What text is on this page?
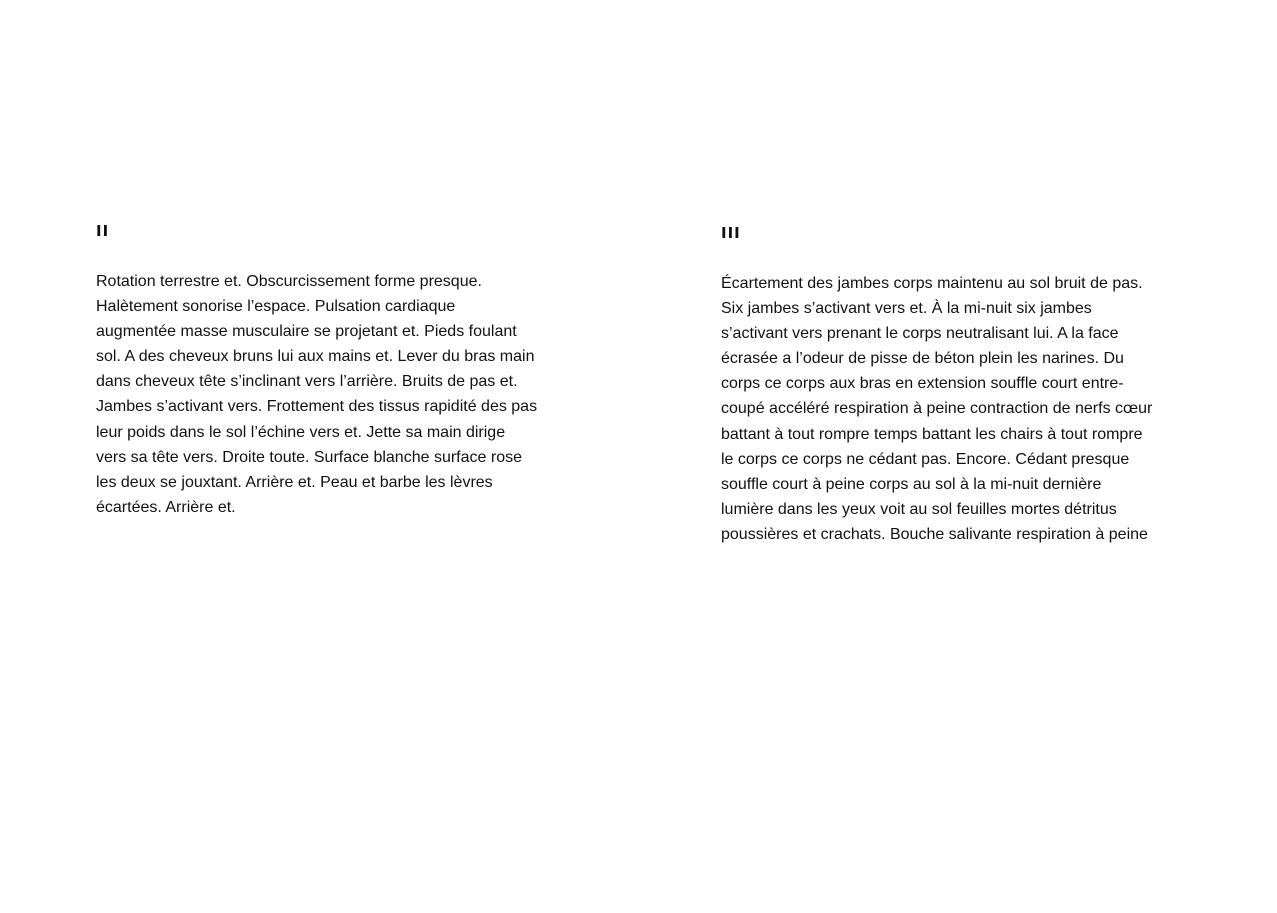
II

Rotation terrestre et. Obscurcissement forme presque.
Halètement sonorise l’espace. Pulsation cardiaque
augmentée masse musculaire se projetant et. Pieds foulant
sol. A des cheveux bruns lui aux mains et. Lever du bras main
dans cheveux tête s’inclinant vers l’arrière. Bruits de pas et.
Jambes s’activant vers. Frottement des tissus rapidité des pas
leur poids dans le sol l’échine vers et. Jette sa main dirige
vers sa tête vers. Droite toute. Surface blanche surface rose
les deux se jouxtant. Arrière et. Peau et barbe les lèvres
écartées. Arrière et.

III

Écartement des jambes corps maintenu au sol bruit de pas.
Six jambes s’activant vers et. À la mi-nuit six jambes
s’activant vers prenant le corps neutralisant lui. A la face
écrasée a l’odeur de pisse de béton plein les narines. Du
corps ce corps aux bras en extension souffle court entre-
coupé accéléré respiration à peine contraction de nerfs cœur
battant à tout rompre temps battant les chairs à tout rompre
le corps ce corps ne cédant pas. Encore. Cédant presque
souffle court à peine corps au sol à la mi-nuit dernière
lumière dans les yeux voit au sol feuilles mortes détritus
poussières et crachats. Bouche salivante respiration à peine
